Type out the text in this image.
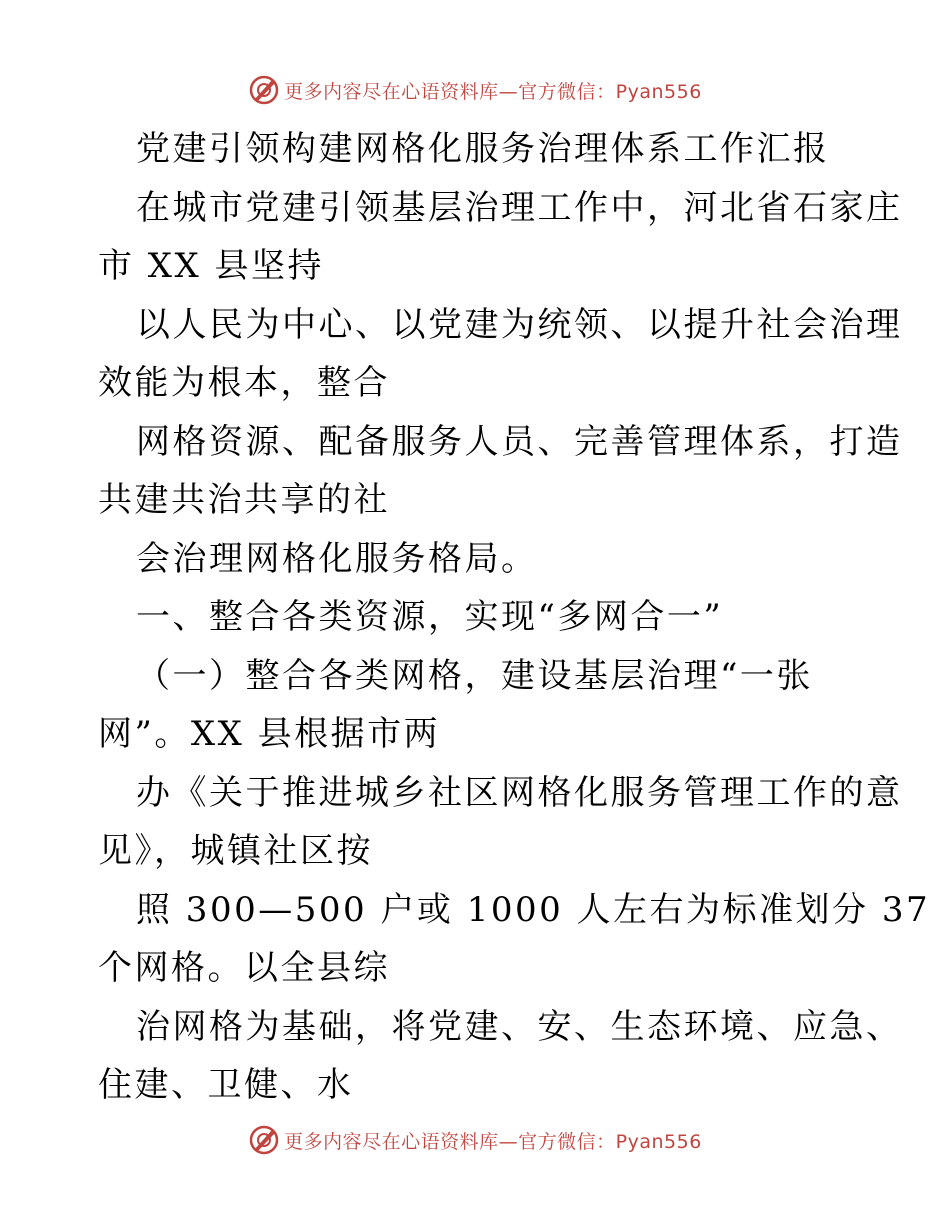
更多内容尽在心语资料库—官方微信：Pyan556
党建引领构建网格化服务治理体系工作汇报
在城市党建引领基层治理工作中，河北省石家庄
市 XX 县坚持
以人民为中心、以党建为统领、以提升社会治理
效能为根本，整合
网格资源、配备服务人员、完善管理体系，打造
共建共治共享的社
会治理网格化服务格局。
一、整合各类资源，实现“多网合一”
（一）整合各类网格，建设基层治理“一张
网”。XX 县根据市两
办《关于推进城乡社区网格化服务管理工作的意
见》，城镇社区按
照 300—500 户或 1000 人左右为标准划分 37
个网格。以全县综
治网格为基础，将党建、安、生态环境、应急、
住建、卫健、水
更多内容尽在心语资料库—官方微信：Pyan556
